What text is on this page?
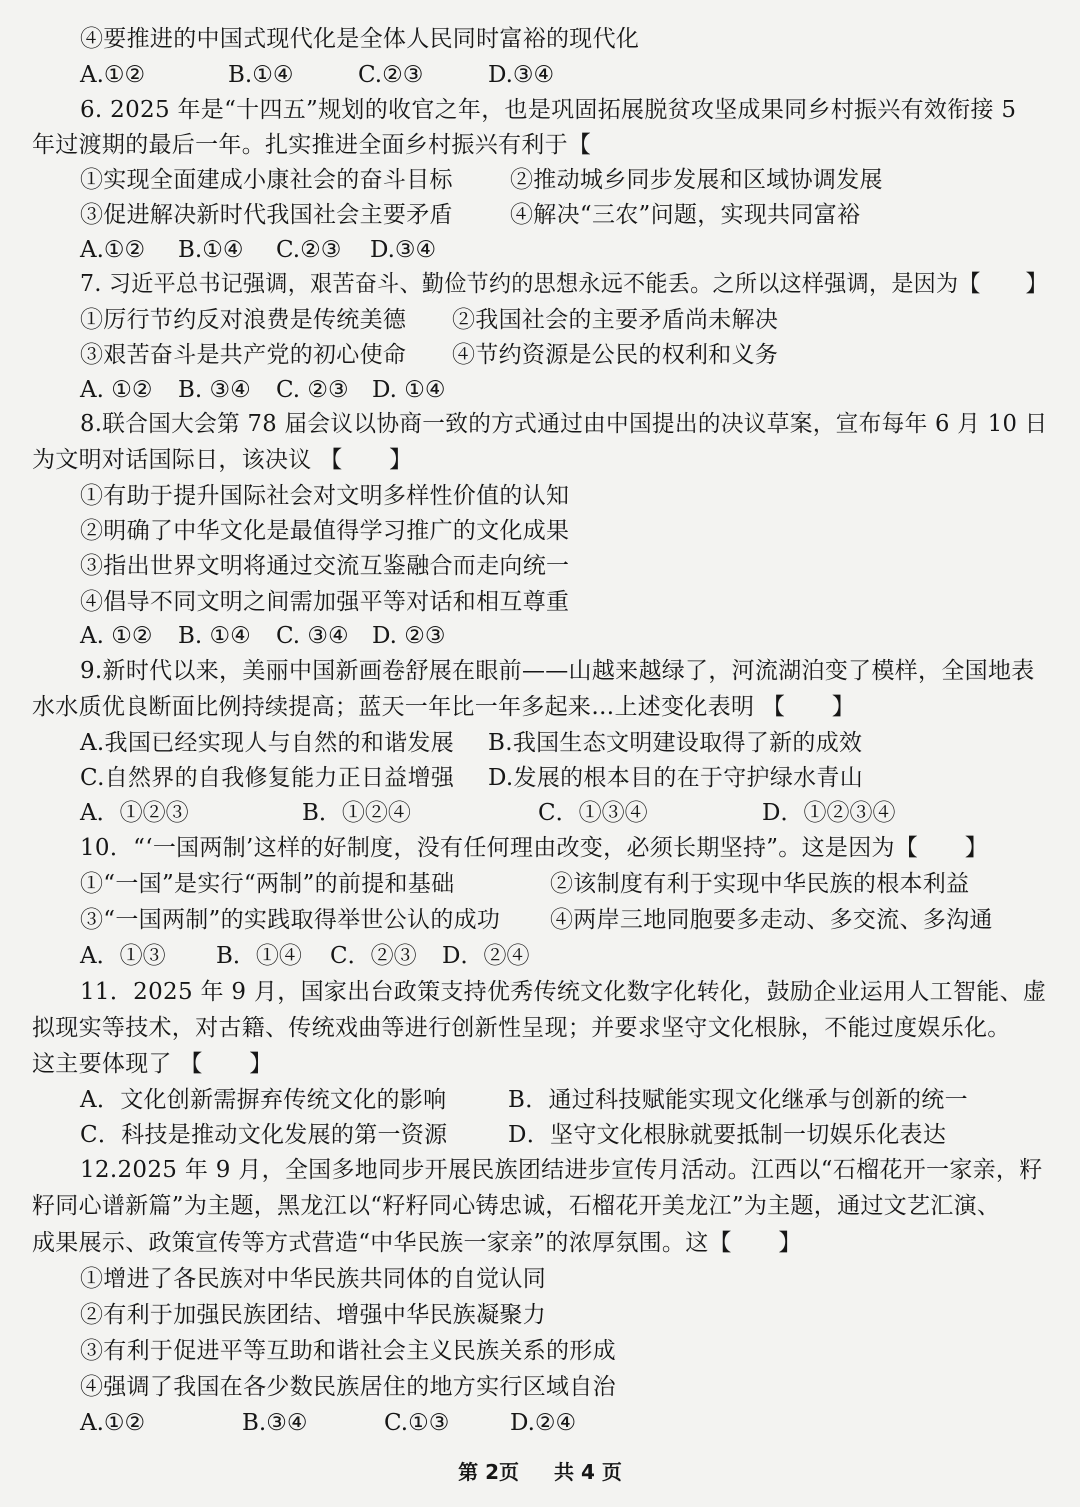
④要推进的中国式现代化是全体人民同时富裕的现代化
A.①②	B.①④	C.②③	D.③④
6. 2025 年是“十四五”规划的收官之年，也是巩固拓展脱贫攻坚成果同乡村振兴有效衔接 5
年过渡期的最后一年。扎实推进全面乡村振兴有利于【
①实现全面建成小康社会的奋斗目标 ②推动城乡同步发展和区域协调发展
③促进解决新时代我国社会主要矛盾 ④解决“三农”问题，实现共同富裕
A.①② B.①④ C.②③ D.③④
7. 习近平总书记强调，艰苦奋斗、勤俭节约的思想永远不能丢。之所以这样强调，是因为【　　】
①厉行节约反对浪费是传统美德 ②我国社会的主要矛盾尚未解决
③艰苦奋斗是共产党的初心使命 ④节约资源是公民的权利和义务
A. ①② B. ③④ C. ②③ D. ①④
8.联合国大会第 78 届会议以协商一致的方式通过由中国提出的决议草案，宣布每年 6 月 10 日
为文明对话国际日，该决议 【　　】
①有助于提升国际社会对文明多样性价值的认知
②明确了中华文化是最值得学习推广的文化成果
③指出世界文明将通过交流互鉴融合而走向统一
④倡导不同文明之间需加强平等对话和相互尊重
A. ①② B. ①④ C. ③④ D. ②③
9.新时代以来，美丽中国新画卷舒展在眼前——山越来越绿了，河流湖泊变了模样，全国地表
水水质优良断面比例持续提高；蓝天一年比一年多起来…上述变化表明 【　　】
A.我国已经实现人与自然的和谐发展 B.我国生态文明建设取得了新的成效
C.自然界的自我修复能力正日益增强 D.发展的根本目的在于守护绿水青山
A．①②③	B．①②④	C．①③④	D．①②③④
10．“‘一国两制’这样的好制度，没有任何理由改变，必须长期坚持”。这是因为【　　】
①“一国”是实行“两制”的前提和基础	②该制度有利于实现中华民族的根本利益
③“一国两制”的实践取得举世公认的成功 ④两岸三地同胞要多走动、多交流、多沟通
A．①③ B．①④ C．②③ D．②④
11．2025 年 9 月，国家出台政策支持优秀传统文化数字化转化，鼓励企业运用人工智能、虚
拟现实等技术，对古籍、传统戏曲等进行创新性呈现；并要求坚守文化根脉，不能过度娱乐化。
这主要体现了 【　　】
A．文化创新需摒弃传统文化的影响	B．通过科技赋能实现文化继承与创新的统一
C．科技是推动文化发展的第一资源	D．坚守文化根脉就要抵制一切娱乐化表达
12.2025 年 9 月，全国多地同步开展民族团结进步宣传月活动。江西以“石榴花开一家亲，籽
籽同心谱新篇”为主题，黑龙江以“籽籽同心铸忠诚，石榴花开美龙江”为主题，通过文艺汇演、
成果展示、政策宣传等方式营造“中华民族一家亲”的浓厚氛围。这【　　】
①增进了各民族对中华民族共同体的自觉认同
②有利于加强民族团结、增强中华民族凝聚力
③有利于促进平等互助和谐社会主义民族关系的形成
④强调了我国在各少数民族居住的地方实行区域自治
A.①②	B.③④	C.①③	D.②④
第 2页 共 4 页
